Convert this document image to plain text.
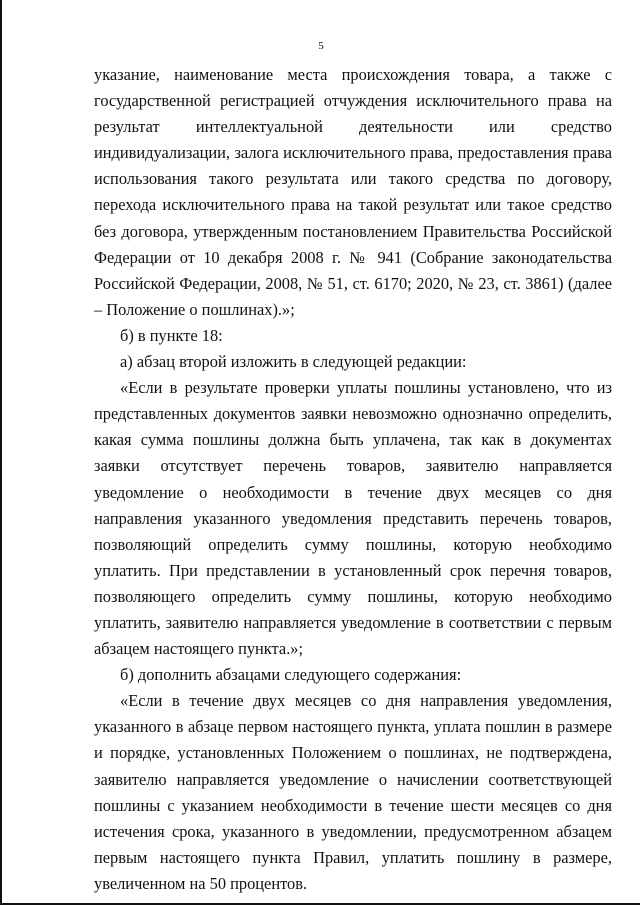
5

указание, наименование места происхождения товара, а также с государственной регистрацией отчуждения исключительного права на результат интеллектуальной деятельности или средство индивидуализации, залога исключительного права, предоставления права использования такого результата или такого средства по договору, перехода исключительного права на такой результат или такое средство без договора, утвержденным постановлением Правительства Российской Федерации от 10 декабря 2008 г. № 941 (Собрание законодательства Российской Федерации, 2008, № 51, ст. 6170; 2020, № 23, ст. 3861) (далее – Положение о пошлинах).»;

б) в пункте 18:

а) абзац второй изложить в следующей редакции:

«Если в результате проверки уплаты пошлины установлено, что из представленных документов заявки невозможно однозначно определить, какая сумма пошлины должна быть уплачена, так как в документах заявки отсутствует перечень товаров, заявителю направляется уведомление о необходимости в течение двух месяцев со дня направления указанного уведомления представить перечень товаров, позволяющий определить сумму пошлины, которую необходимо уплатить. При представлении в установленный срок перечня товаров, позволяющего определить сумму пошлины, которую необходимо уплатить, заявителю направляется уведомление в соответствии с первым абзацем настоящего пункта.»;

б) дополнить абзацами следующего содержания:

«Если в течение двух месяцев со дня направления уведомления, указанного в абзаце первом настоящего пункта, уплата пошлин в размере и порядке, установленных Положением о пошлинах, не подтверждена, заявителю направляется уведомление о начислении соответствующей пошлины с указанием необходимости в течение шести месяцев со дня истечения срока, указанного в уведомлении, предусмотренном абзацем первым настоящего пункта Правил, уплатить пошлину в размере, увеличенном на 50 процентов.
